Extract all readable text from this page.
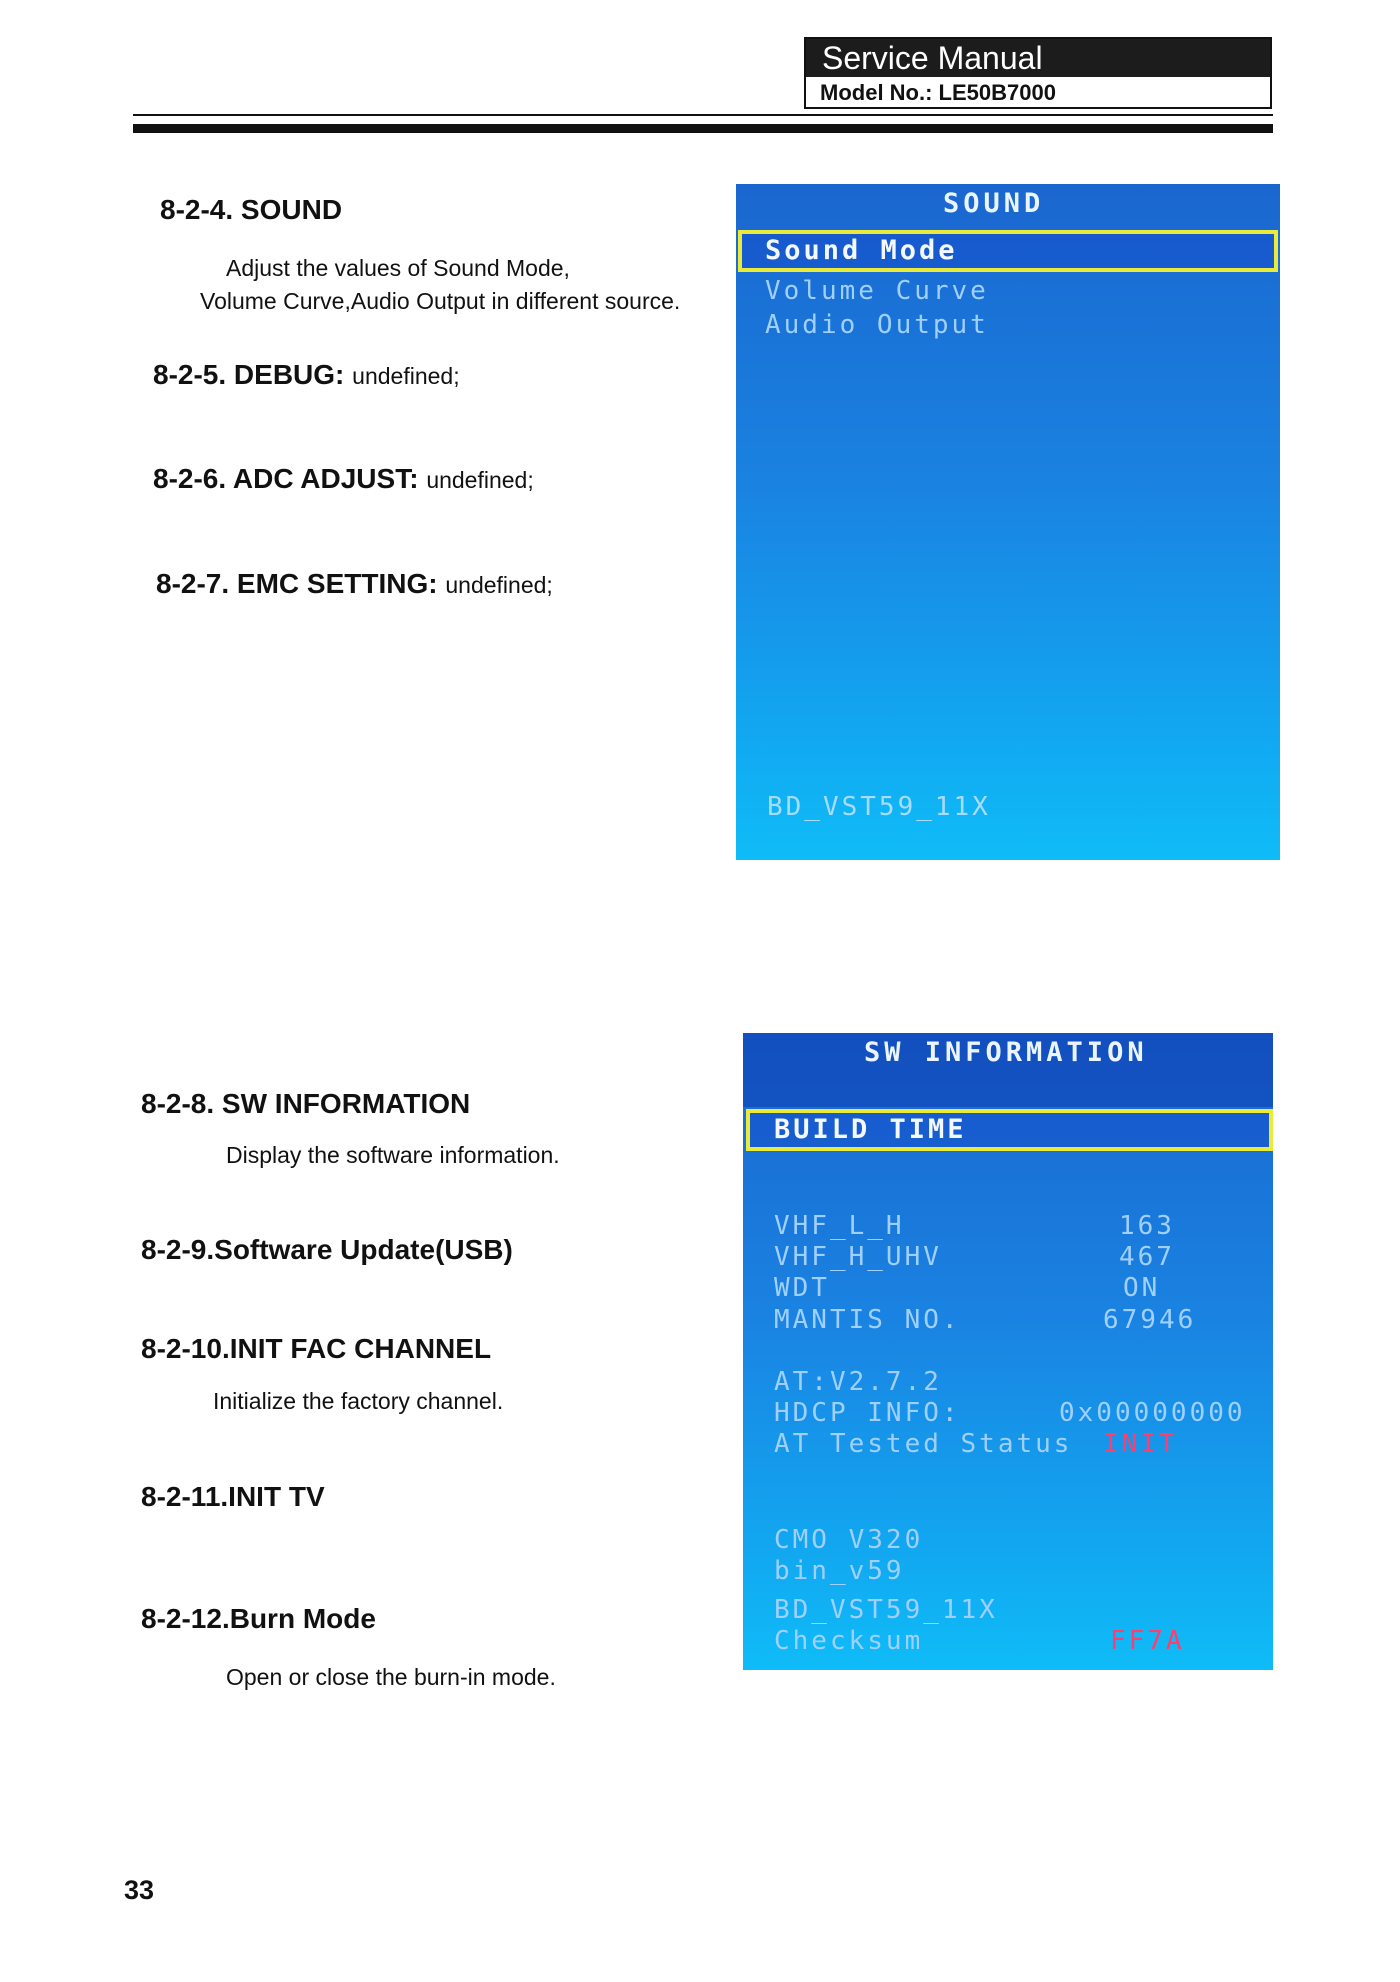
Service Manual
Model No.: LE50B7000
8-2-4. SOUND
Adjust the values of Sound Mode,
Volume Curve,Audio Output in different source.
8-2-5. DEBUG: undefined;
8-2-6. ADC ADJUST: undefined;
8-2-7. EMC SETTING: undefined;
8-2-8. SW INFORMATION
Display the software information.
8-2-9.Software Update(USB)
8-2-10.INIT FAC CHANNEL
Initialize the factory channel.
8-2-11.INIT TV
8-2-12.Burn Mode
Open or close the burn-in mode.
SOUND
Sound Mode
Volume Curve
Audio Output
BD_VST59_11X
SW INFORMATION
BUILD TIME
VHF_L_H	163
VHF_H_UHV	467
WDT	ON
MANTIS NO.	67946
AT:V2.7.2
HDCP INFO:	0x00000000
AT Tested Status INIT
CMO V320
bin_v59
BD_VST59_11X
Checksum	FF7A
33
